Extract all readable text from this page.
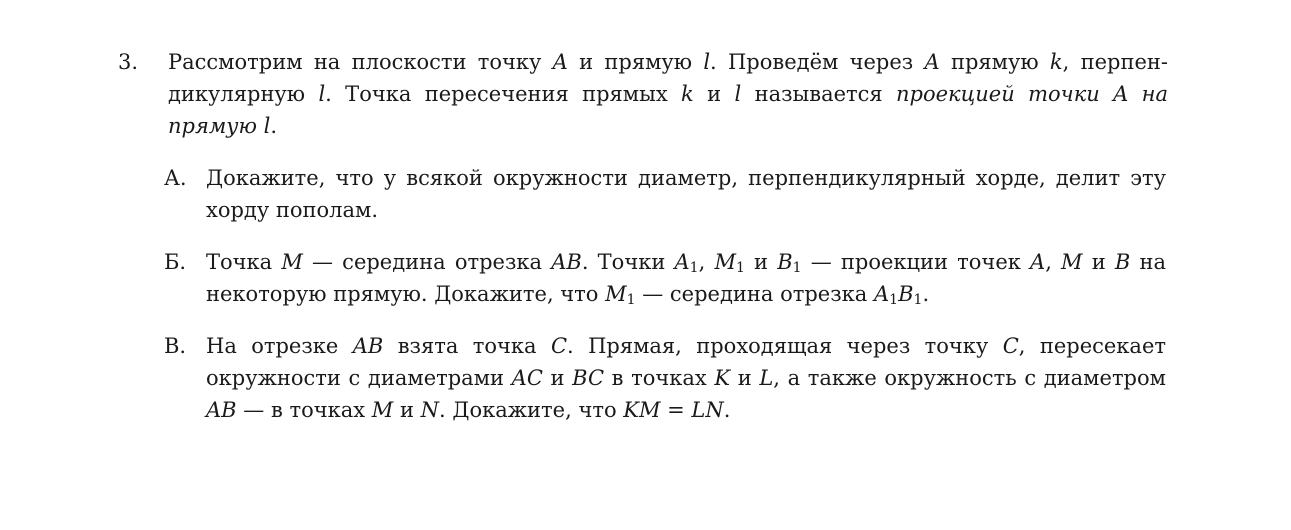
3. Рассмотрим на плоскости точку A и прямую l. Проведём через A прямую k, перпендикулярную l. Точка пересечения прямых k и l называется проекцией точки A на прямую l.
А. Докажите, что у всякой окружности диаметр, перпендикулярный хорде, делит эту хорду пополам.
Б. Точка M — середина отрезка AB. Точки $A_1$, $M_1$ и $B_1$ — проекции точек A, M и B на некоторую прямую. Докажите, что $M_1$ — середина отрезка $A_1B_1$.
В. На отрезке AB взята точка C. Прямая, проходящая через точку C, пересекает окружности с диаметрами AC и BC в точках K и L, а также окружность с диаметром AB — в точках M и N. Докажите, что KM = LN.
